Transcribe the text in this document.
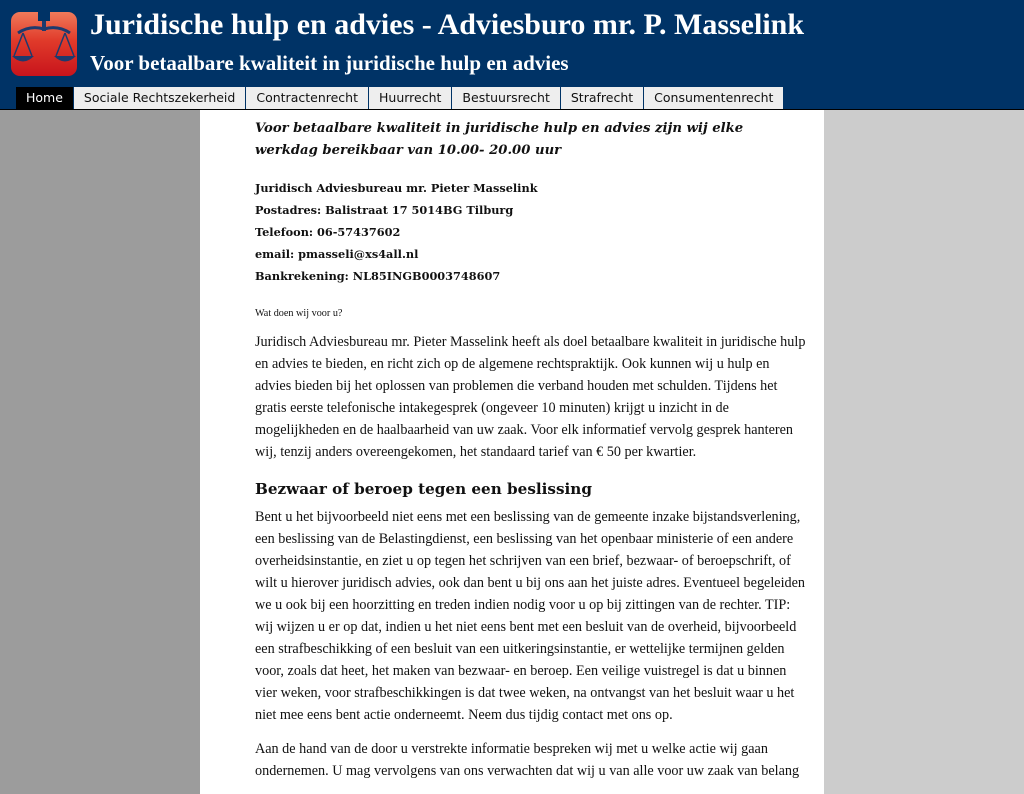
Juridische hulp en advies - Adviesburo mr. P. Masselink
Voor betaalbare kwaliteit in juridische hulp en advies
Home	Sociale Rechtszekerheid	Contractenrecht	Huurrecht	Bestuursrecht	Strafrecht	Consumentenrecht

Voor betaalbare kwaliteit in juridische hulp en advies zijn wij elke werkdag bereikbaar van 10.00- 20.00 uur

Juridisch Adviesbureau mr. Pieter Masselink

Postadres: Balistraat 17 5014BG Tilburg

Telefoon: 06-57437602

email: pmasseli@xs4all.nl

Bankrekening: NL85INGB0003748607

Wat doen wij voor u?

Juridisch Adviesbureau mr. Pieter Masselink heeft als doel betaalbare kwaliteit in juridische hulp en advies te bieden, en richt zich op de algemene rechtspraktijk. Ook kunnen wij u hulp en advies bieden bij het oplossen van problemen die verband houden met schulden. Tijdens het gratis eerste telefonische intakegesprek (ongeveer 10 minuten) krijgt u inzicht in de mogelijkheden en de haalbaarheid van uw zaak. Voor elk informatief vervolg gesprek hanteren wij, tenzij anders overeengekomen, het standaard tarief van € 50 per kwartier.

Bezwaar of beroep tegen een beslissing

Bent u het bijvoorbeeld niet eens met een beslissing van de gemeente inzake bijstandsverlening, een beslissing van de Belastingdienst, een beslissing van het openbaar ministerie of een andere overheidsinstantie, en ziet u op tegen het schrijven van een brief, bezwaar- of beroepschrift, of wilt u hierover juridisch advies, ook dan bent u bij ons aan het juiste adres. Eventueel begeleiden we u ook bij een hoorzitting en treden indien nodig voor u op bij zittingen van de rechter. TIP: wij wijzen u er op dat, indien u het niet eens bent met een besluit van de overheid, bijvoorbeeld een strafbeschikking of een besluit van een uitkeringsinstantie, er wettelijke termijnen gelden voor, zoals dat heet, het maken van bezwaar- en beroep. Een veilige vuistregel is dat u binnen vier weken, voor strafbeschikkingen is dat twee weken, na ontvangst van het besluit waar u het niet mee eens bent actie onderneemt. Neem dus tijdig contact met ons op.

Aan de hand van de door u verstrekte informatie bespreken wij met u welke actie wij gaan ondernemen. U mag vervolgens van ons verwachten dat wij u van alle voor uw zaak van belang
